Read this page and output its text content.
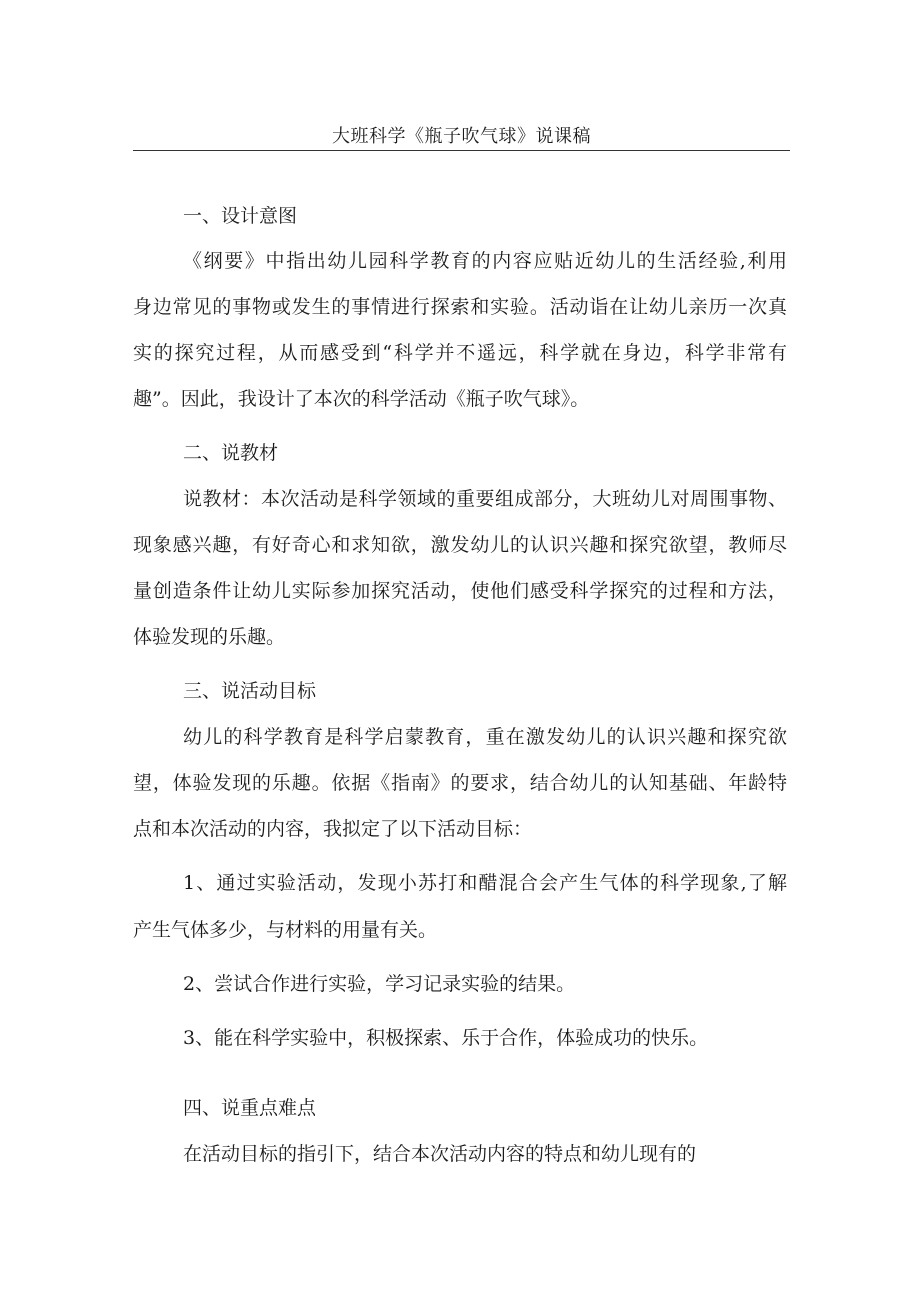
大班科学《瓶子吹气球》说课稿
一、设计意图
《纲要》中指出幼儿园科学教育的内容应贴近幼儿的生活经验,利用
身边常见的事物或发生的事情进行探索和实验。活动诣在让幼儿亲历一次真
实的探究过程，从而感受到“科学并不遥远，科学就在身边，科学非常有
趣”。因此，我设计了本次的科学活动《瓶子吹气球》。
二、说教材
说教材：本次活动是科学领域的重要组成部分，大班幼儿对周围事物、
现象感兴趣，有好奇心和求知欲，激发幼儿的认识兴趣和探究欲望，教师尽
量创造条件让幼儿实际参加探究活动，使他们感受科学探究的过程和方法，
体验发现的乐趣。
三、说活动目标
幼儿的科学教育是科学启蒙教育，重在激发幼儿的认识兴趣和探究欲
望，体验发现的乐趣。依据《指南》的要求，结合幼儿的认知基础、年龄特
点和本次活动的内容，我拟定了以下活动目标：
1、通过实验活动，发现小苏打和醋混合会产生气体的科学现象,了解
产生气体多少，与材料的用量有关。
2、尝试合作进行实验，学习记录实验的结果。
3、能在科学实验中，积极探索、乐于合作，体验成功的快乐。
四、说重点难点
在活动目标的指引下，结合本次活动内容的特点和幼儿现有的
